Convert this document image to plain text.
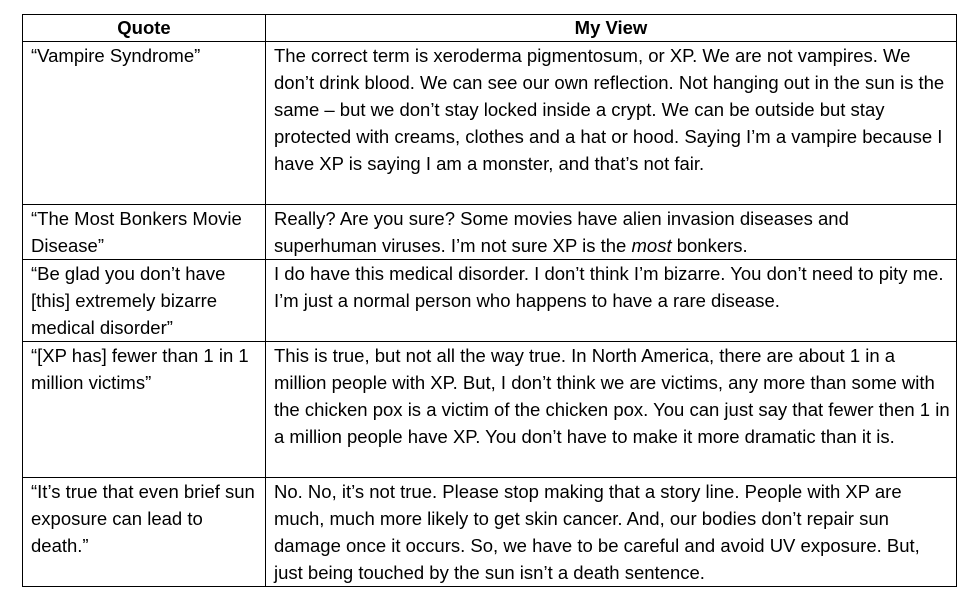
Quote	My View
“Vampire Syndrome”	The correct term is xeroderma pigmentosum, or XP. We are not vampires. We don’t drink blood. We can see our own reflection. Not hanging out in the sun is the same – but we don’t stay locked inside a crypt. We can be outside but stay protected with creams, clothes and a hat or hood. Saying I’m a vampire because I have XP is saying I am a monster, and that’s not fair.
“The Most Bonkers Movie Disease”	Really? Are you sure? Some movies have alien invasion diseases and superhuman viruses. I’m not sure XP is the most bonkers.
“Be glad you don’t have [this] extremely bizarre medical disorder”	I do have this medical disorder. I don’t think I’m bizarre. You don’t need to pity me. I’m just a normal person who happens to have a rare disease.
“[XP has] fewer than 1 in 1 million victims”	This is true, but not all the way true. In North America, there are about 1 in a million people with XP. But, I don’t think we are victims, any more than some with the chicken pox is a victim of the chicken pox. You can just say that fewer then 1 in a million people have XP. You don’t have to make it more dramatic than it is.
“It’s true that even brief sun exposure can lead to death.”	No. No, it’s not true. Please stop making that a story line. People with XP are much, much more likely to get skin cancer. And, our bodies don’t repair sun damage once it occurs. So, we have to be careful and avoid UV exposure. But, just being touched by the sun isn’t a death sentence.
